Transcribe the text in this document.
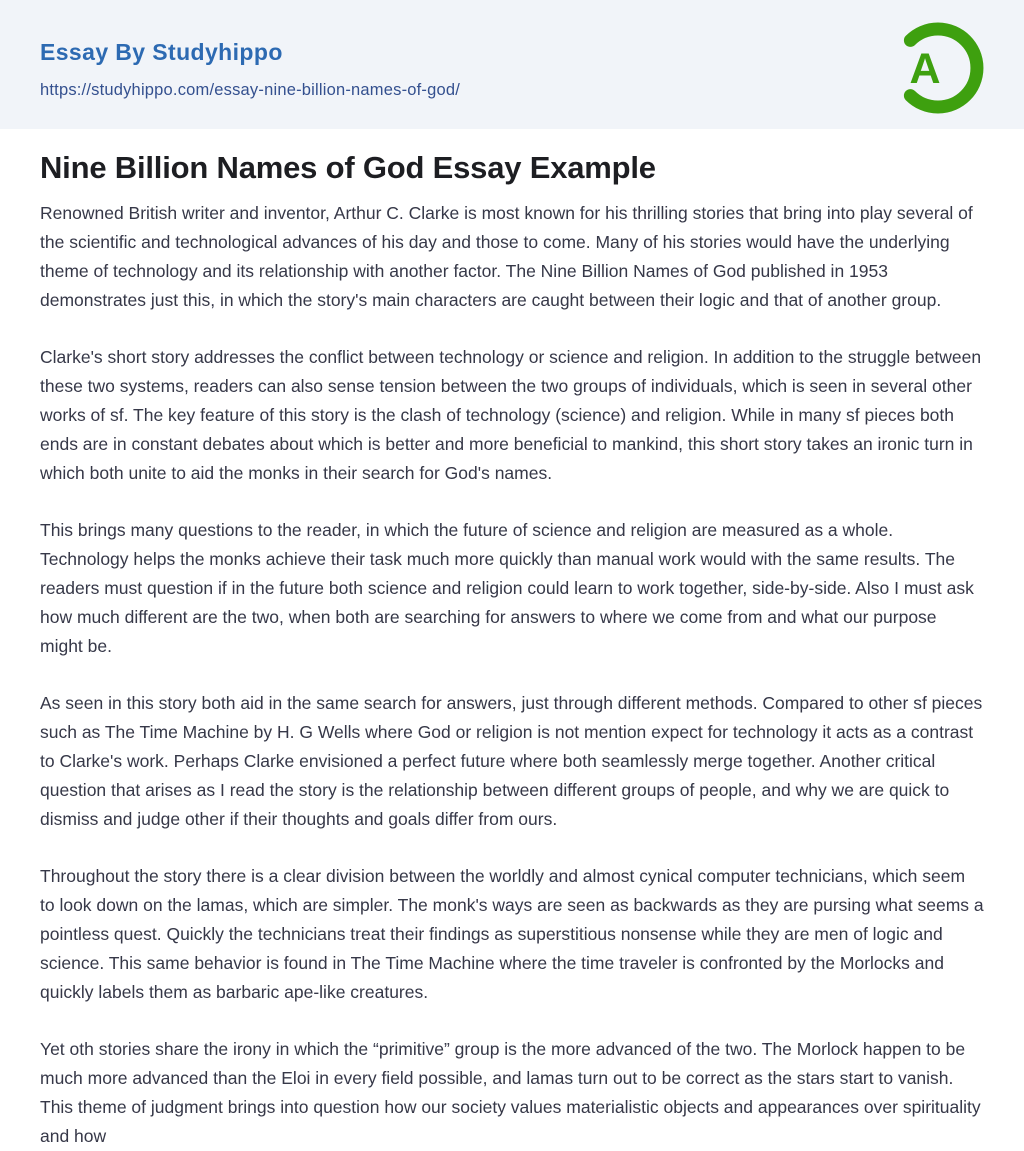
Essay By Studyhippo
https://studyhippo.com/essay-nine-billion-names-of-god/	A
Nine Billion Names of God Essay Example

Renowned British writer and inventor, Arthur C. Clarke is most known for his thrilling stories that bring into play several of the scientific and technological advances of his day and those to come. Many of his stories would have the underlying theme of technology and its relationship with another factor. The Nine Billion Names of God published in 1953 demonstrates just this, in which the story's main characters are caught between their logic and that of another group.

Clarke's short story addresses the conflict between technology or science and religion. In addition to the struggle between these two systems, readers can also sense tension between the two groups of individuals, which is seen in several other works of sf. The key feature of this story is the clash of technology (science) and religion. While in many sf pieces both ends are in constant debates about which is better and more beneficial to mankind, this short story takes an ironic turn in which both unite to aid the monks in their search for God's names.

This brings many questions to the reader, in which the future of science and religion are measured as a whole. Technology helps the monks achieve their task much more quickly than manual work would with the same results. The readers must question if in the future both science and religion could learn to work together, side-by-side. Also I must ask how much different are the two, when both are searching for answers to where we come from and what our purpose might be.

As seen in this story both aid in the same search for answers, just through different methods. Compared to other sf pieces such as The Time Machine by H. G Wells where God or religion is not mention expect for technology it acts as a contrast to Clarke's work. Perhaps Clarke envisioned a perfect future where both seamlessly merge together. Another critical question that arises as I read the story is the relationship between different groups of people, and why we are quick to dismiss and judge other if their thoughts and goals differ from ours.

Throughout the story there is a clear division between the worldly and almost cynical computer technicians, which seem to look down on the lamas, which are simpler. The monk's ways are seen as backwards as they are pursing what seems a pointless quest. Quickly the technicians treat their findings as superstitious nonsense while they are men of logic and science. This same behavior is found in The Time Machine where the time traveler is confronted by the Morlocks and quickly labels them as barbaric ape-like creatures.

Yet oth stories share the irony in which the “primitive” group is the more advanced of the two. The Morlock happen to be much more advanced than the Eloi in every field possible, and lamas turn out to be correct as the stars start to vanish. This theme of judgment brings into question how our society values materialistic objects and appearances over spirituality and how
